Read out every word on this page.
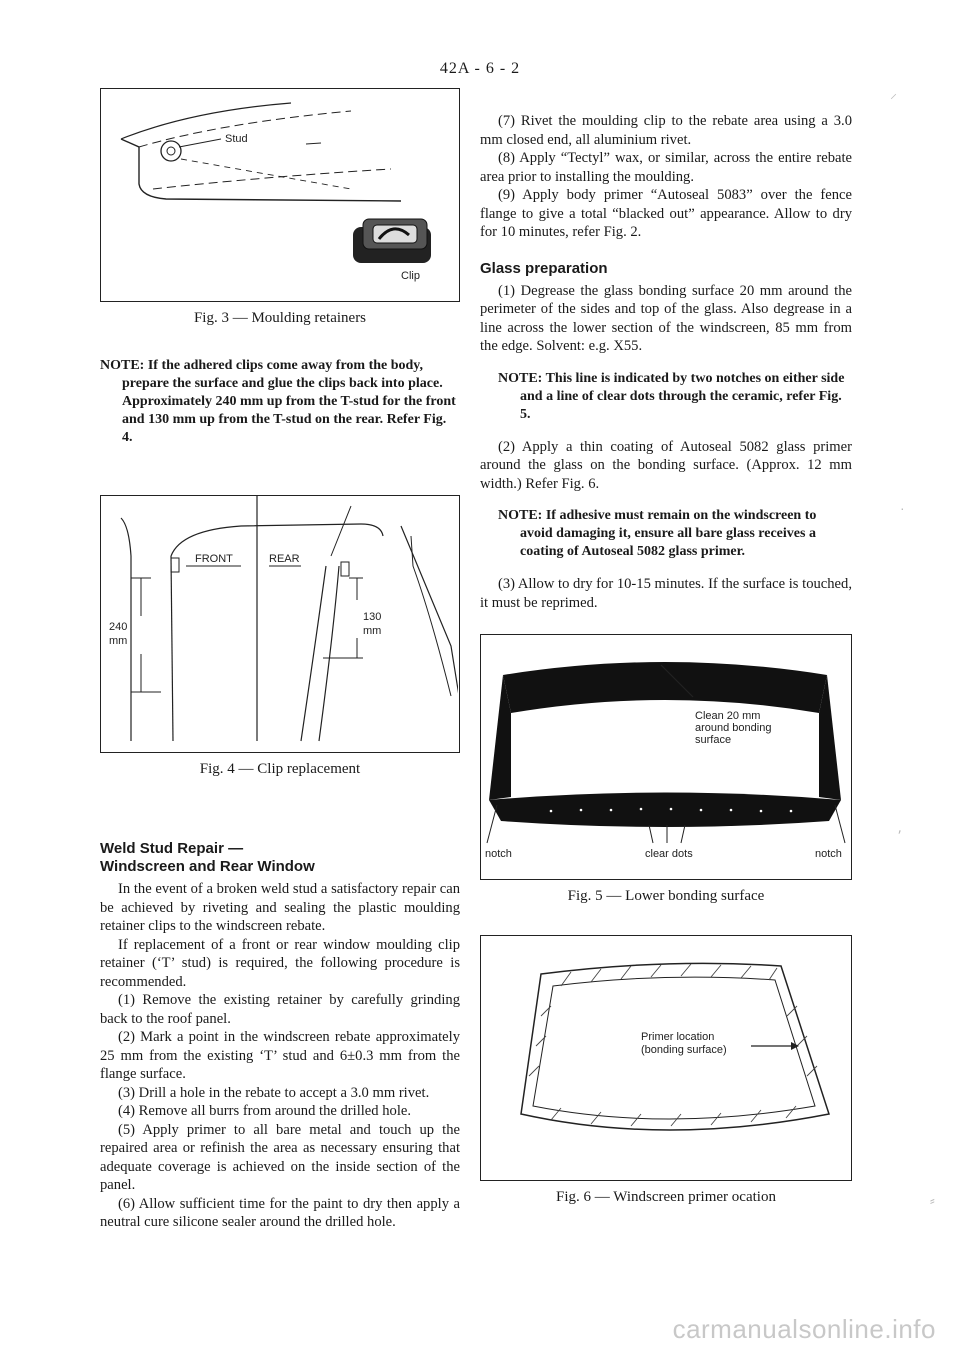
42A - 6 - 2
Stud
Clip
Fig. 3 — Moulding retainers

NOTE: If the adhered clips come away from the body, prepare the surface and glue the clips back into place. Approximately 240 mm up from the T-stud for the front and 130 mm up from the T-stud on the rear. Refer Fig. 4.

FRONT	REAR
240
mm
130
mm
Fig. 4 — Clip replacement
Weld Stud Repair —
Windscreen and Rear Window

In the event of a broken weld stud a satisfactory repair can be achieved by riveting and sealing the plastic moulding retainer clips to the windscreen rebate.

If replacement of a front or rear window moulding clip retainer (‘T’ stud) is required, the following procedure is recommended.

(1) Remove the existing retainer by carefully grinding back to the roof panel.

(2) Mark a point in the windscreen rebate approximately 25 mm from the existing ‘T’ stud and 6±0.3 mm from the flange surface.

(3) Drill a hole in the rebate to accept a 3.0 mm rivet.

(4) Remove all burrs from around the drilled hole.

(5) Apply primer to all bare metal and touch up the repaired area or refinish the area as necessary ensuring that adequate coverage is achieved on the inside section of the panel.

(6) Allow sufficient time for the paint to dry then apply a neutral cure silicone sealer around the drilled hole.

(7) Rivet the moulding clip to the rebate area using a 3.0 mm closed end, all aluminium rivet.

(8) Apply “Tectyl” wax, or similar, across the entire rebate area prior to installing the moulding.

(9) Apply body primer “Autoseal 5083” over the fence flange to give a total “blacked out” appearance. Allow to dry for 10 minutes, refer Fig. 2.

Glass preparation

(1) Degrease the glass bonding surface 20 mm around the perimeter of the sides and top of the glass. Also degrease in a line across the lower section of the windscreen, 85 mm from the edge. Solvent: e.g. X55.

NOTE: This line is indicated by two notches on either side and a line of clear dots through the ceramic, refer Fig. 5.

(2) Apply a thin coating of Autoseal 5082 glass primer around the glass on the bonding surface. (Approx. 12 mm width.) Refer Fig. 6.

NOTE: If adhesive must remain on the windscreen to avoid damaging it, ensure all bare glass receives a coating of Autoseal 5082 glass primer.

(3) Allow to dry for 10-15 minutes. If the surface is touched, it must be reprimed.

Clean 20 mm
around bonding
surface
notch	clear dots	notch
Fig. 5 — Lower bonding surface
Primer location
(bonding surface)
Fig. 6 — Windscreen primer ocation
⸝
·
⸴
⸗
carmanualsonline.info
